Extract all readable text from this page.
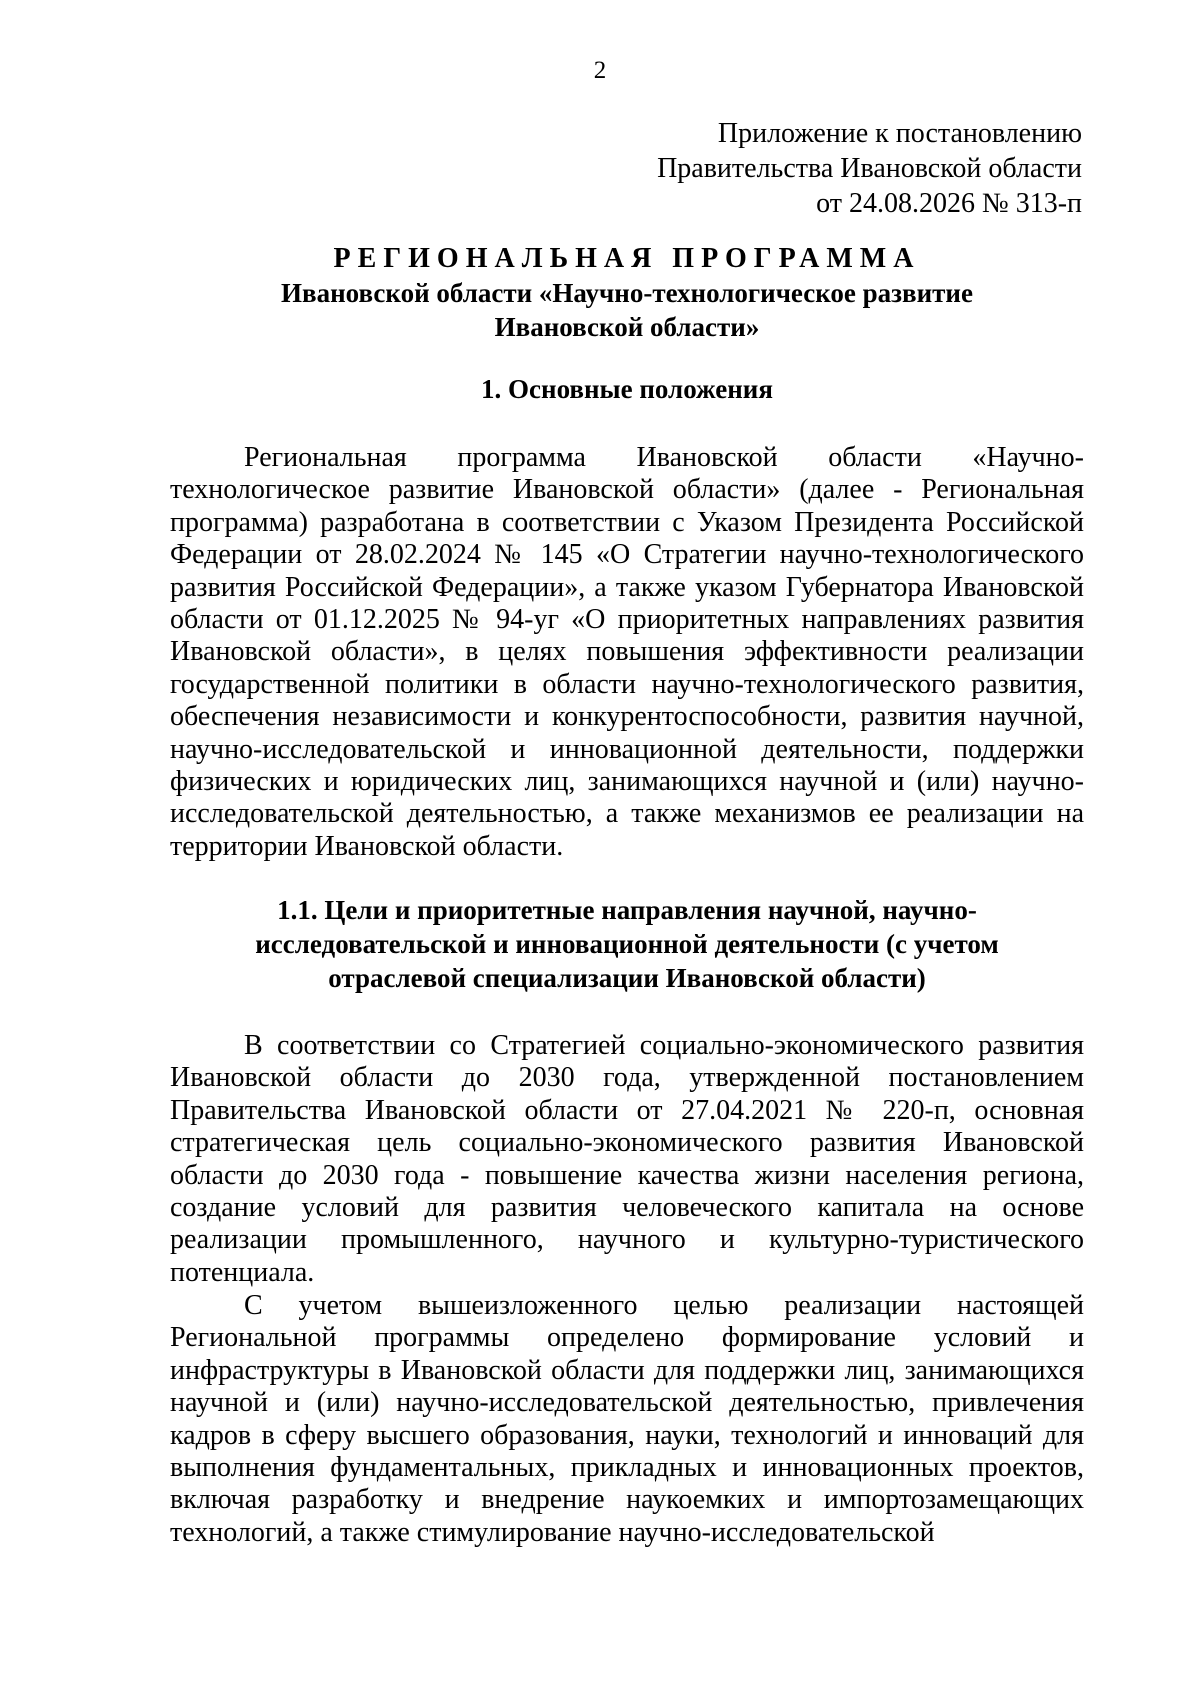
2
Приложение к постановлению
Правительства Ивановской области
от 24.08.2026 № 313-п
РЕГИОНАЛЬНАЯ ПРОГРАММА
Ивановской области «Научно-технологическое развитие Ивановской области»
1. Основные положения

Региональная программа Ивановской области «Научно-технологическое развитие Ивановской области» (далее - Региональная программа) разработана в соответствии с Указом Президента Российской Федерации от 28.02.2024 № 145 «О Стратегии научно-технологического развития Российской Федерации», а также указом Губернатора Ивановской области от 01.12.2025 № 94-уг «О приоритетных направлениях развития Ивановской области», в целях повышения эффективности реализации государственной политики в области научно-технологического развития, обеспечения независимости и конкурентоспособности, развития научной, научно-исследовательской и инновационной деятельности, поддержки физических и юридических лиц, занимающихся научной и (или) научно-исследовательской деятельностью, а также механизмов ее реализации на территории Ивановской области.

1.1. Цели и приоритетные направления научной, научно-
исследовательской и инновационной деятельности (с учетом
отраслевой специализации Ивановской области)

В соответствии со Стратегией социально-экономического развития Ивановской области до 2030 года, утвержденной постановлением Правительства Ивановской области от 27.04.2021 № 220-п, основная стратегическая цель социально-экономического развития Ивановской области до 2030 года - повышение качества жизни населения региона, создание условий для развития человеческого капитала на основе реализации промышленного, научного и культурно-туристического потенциала.

С учетом вышеизложенного целью реализации настоящей Региональной программы определено формирование условий и инфраструктуры в Ивановской области для поддержки лиц, занимающихся научной и (или) научно-исследовательской деятельностью, привлечения кадров в сферу высшего образования, науки, технологий и инноваций для выполнения фундаментальных, прикладных и инновационных проектов, включая разработку и внедрение наукоемких и импортозамещающих технологий, а также стимулирование научно-исследовательской
